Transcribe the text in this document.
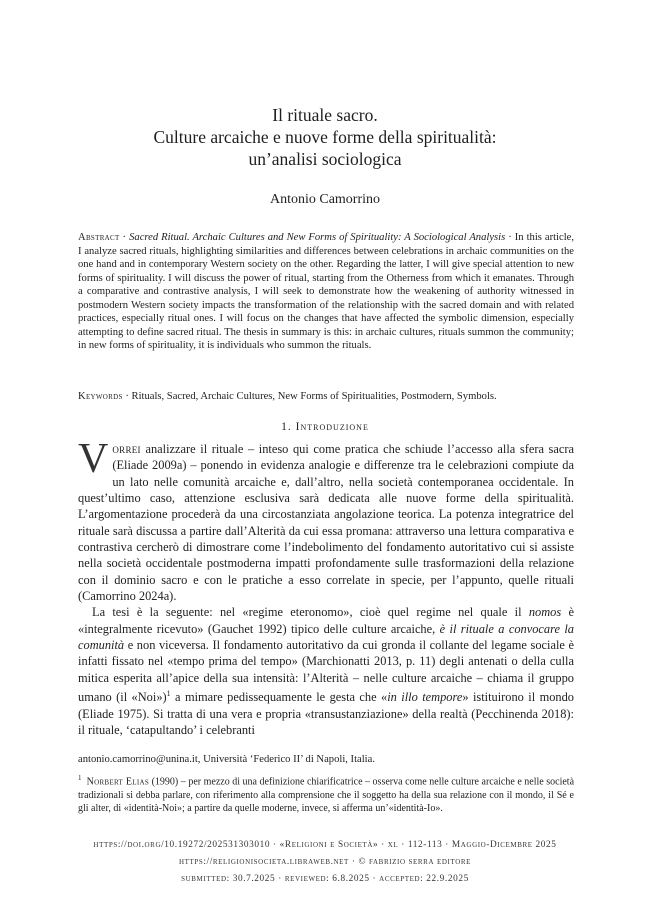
Il rituale sacro.
Culture arcaiche e nuove forme della spiritualità:
un’analisi sociologica
Antonio Camorrino
Abstract · Sacred Ritual. Archaic Cultures and New Forms of Spirituality: A Sociological Analysis · In this article, I analyze sacred rituals, highlighting similarities and differences between celebrations in archaic communities on the one hand and in contemporary Western society on the other. Regarding the latter, I will give special attention to new forms of spirituality. I will discuss the power of ritual, starting from the Otherness from which it emanates. Through a comparative and contrastive analysis, I will seek to demonstrate how the weakening of authority witnessed in postmodern Western society impacts the transformation of the relationship with the sacred domain and with related practices, especially ritual ones. I will focus on the changes that have affected the symbolic dimension, especially attempting to define sacred ritual. The thesis in summary is this: in archaic cultures, rituals summon the community; in new forms of spirituality, it is individuals who summon the rituals.
Keywords · Rituals, Sacred, Archaic Cultures, New Forms of Spiritualities, Postmodern, Symbols.
1. Introduzione

Vorrei analizzare il rituale – inteso qui come pratica che schiude l’accesso alla sfera sacra (Eliade 2009a) – ponendo in evidenza analogie e differenze tra le celebrazioni compiute da un lato nelle comunità arcaiche e, dall’altro, nella società contemporanea occidentale. In quest’ultimo caso, attenzione esclusiva sarà dedicata alle nuove forme della spiritualità. L’argomentazione procederà da una circostanziata angolazione teorica. La potenza integratrice del rituale sarà discussa a partire dall’Alterità da cui essa promana: attraverso una lettura comparativa e contrastiva cercherò di dimostrare come l’indebolimento del fondamento autoritativo cui si assiste nella società occidentale postmoderna impatti profondamente sulle trasformazioni della relazione con il dominio sacro e con le pratiche a esso correlate in specie, per l’appunto, quelle rituali (Camorrino 2024a).

La tesi è la seguente: nel «regime eteronomo», cioè quel regime nel quale il nomos è «integralmente ricevuto» (Gauchet 1992) tipico delle culture arcaiche, è il rituale a convocare la comunità e non viceversa. Il fondamento autoritativo da cui gronda il collante del legame sociale è infatti fissato nel «tempo prima del tempo» (Marchionatti 2013, p. 11) degli antenati o della culla mitica esperita all’apice della sua intensità: l’Alterità – nelle culture arcaiche – chiama il gruppo umano (il «Noi»)$^1$ a mimare pedissequamente le gesta che «in illo tempore» istituirono il mondo (Eliade 1975). Si tratta di una vera e propria «transustanziazione» della realtà (Pecchinenda 2018): il rituale, ‘catapultando’ i celebranti

antonio.camorrino@unina.it, Università ‘Federico II’ di Napoli, Italia.
$^1$ Norbert Elias (1990) – per mezzo di una definizione chiarificatrice – osserva come nelle culture arcaiche e nelle società tradizionali si debba parlare, con riferimento alla comprensione che il soggetto ha della sua relazione con il mondo, il Sé e gli alter, di «identità-Noi»; a partire da quelle moderne, invece, si afferma un’«identità-Io».
https://doi.org/10.19272/202531303010 · «Religioni e Società» · xl · 112-113 · Maggio-Dicembre 2025
https://religionisocieta.libraweb.net · © fabrizio serra editore
submitted: 30.7.2025 · reviewed: 6.8.2025 · accepted: 22.9.2025
